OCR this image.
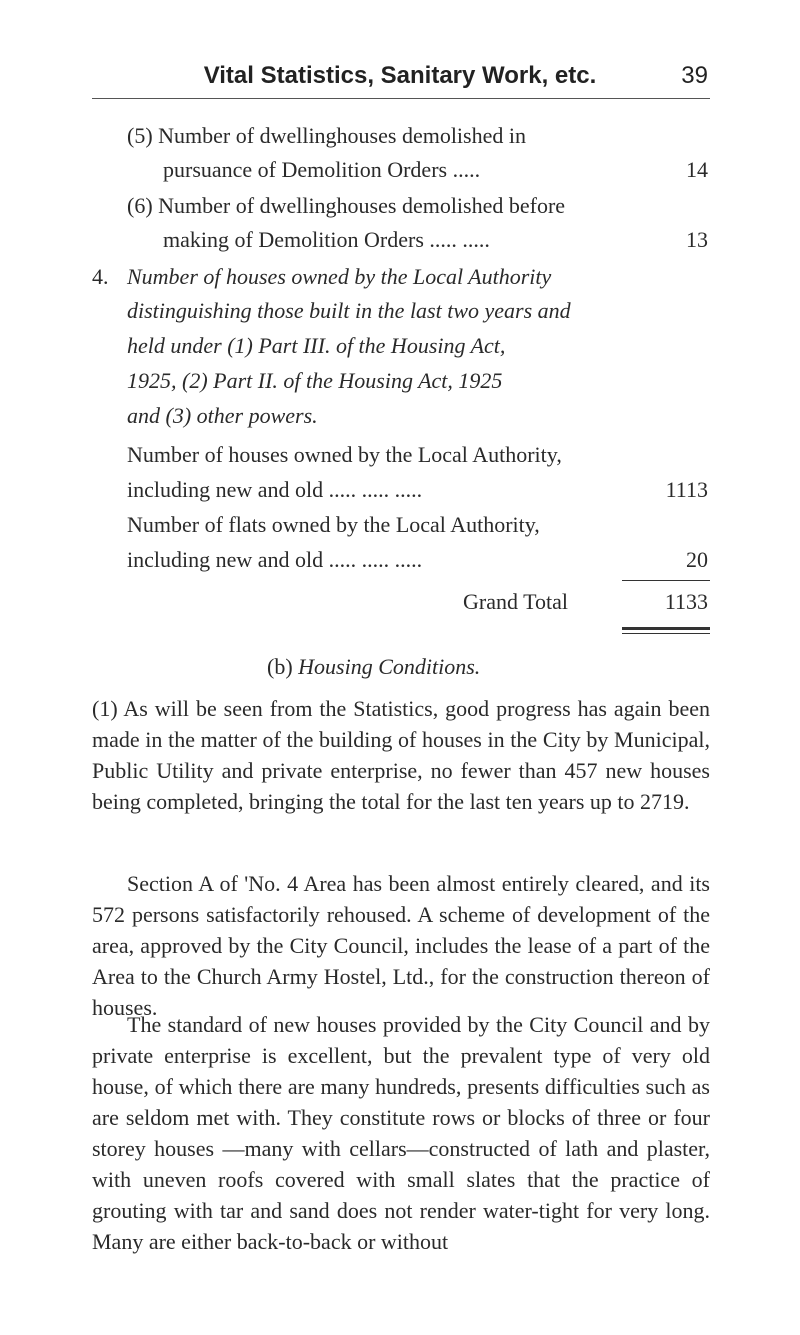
Vital Statistics, Sanitary Work, etc.	39
(5) Number of dwellinghouses demolished in
pursuance of Demolition Orders .....	14
(6) Number of dwellinghouses demolished before
making of Demolition Orders ..... .....	13
4. Number of houses owned by the Local Authority
distinguishing those built in the last two years and
held under (1) Part III. of the Housing Act,
1925, (2) Part II. of the Housing Act, 1925
and (3) other powers.
Number of houses owned by the Local Authority,
including new and old ..... ..... .....	1113
Number of flats owned by the Local Authority,
including new and old ..... ..... .....	20
Grand Total	1133
(b) Housing Conditions.

(1) As will be seen from the Statistics, good progress has again been made in the matter of the building of houses in the City by Municipal, Public Utility and private enterprise, no fewer than 457 new houses being completed, bringing the total for the last ten years up to 2719.

Section A of 'No. 4 Area has been almost entirely cleared, and its 572 persons satisfactorily rehoused. A scheme of development of the area, approved by the City Council, includes the lease of a part of the Area to the Church Army Hostel, Ltd., for the construction thereon of houses.

The standard of new houses provided by the City Council and by private enterprise is excellent, but the prevalent type of very old house, of which there are many hundreds, presents difficulties such as are seldom met with. They constitute rows or blocks of three or four storey houses —many with cellars—constructed of lath and plaster, with uneven roofs covered with small slates that the practice of grouting with tar and sand does not render water-tight for very long. Many are either back-to-back or without
